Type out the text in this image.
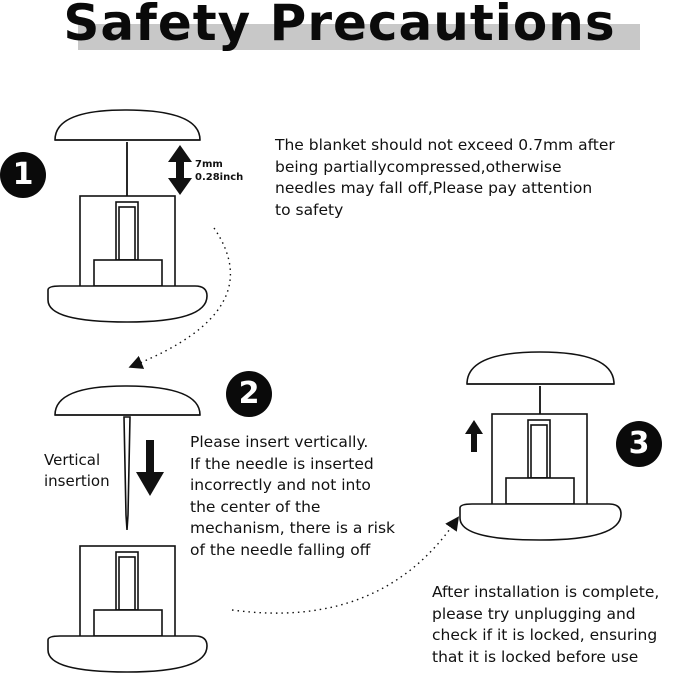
Safety Precautions
1
2
3

The blanket should not exceed 0.7mm after
being partiallycompressed,otherwise
needles may fall off,Please pay attention
to safety

Please insert vertically.
If the needle is inserted
incorrectly and not into
the center of the
mechanism, there is a risk
of the needle falling off

After installation is complete,
please try unplugging and
check if it is locked, ensuring
that it is locked before use

7mm
0.28inch
Vertical
insertion
